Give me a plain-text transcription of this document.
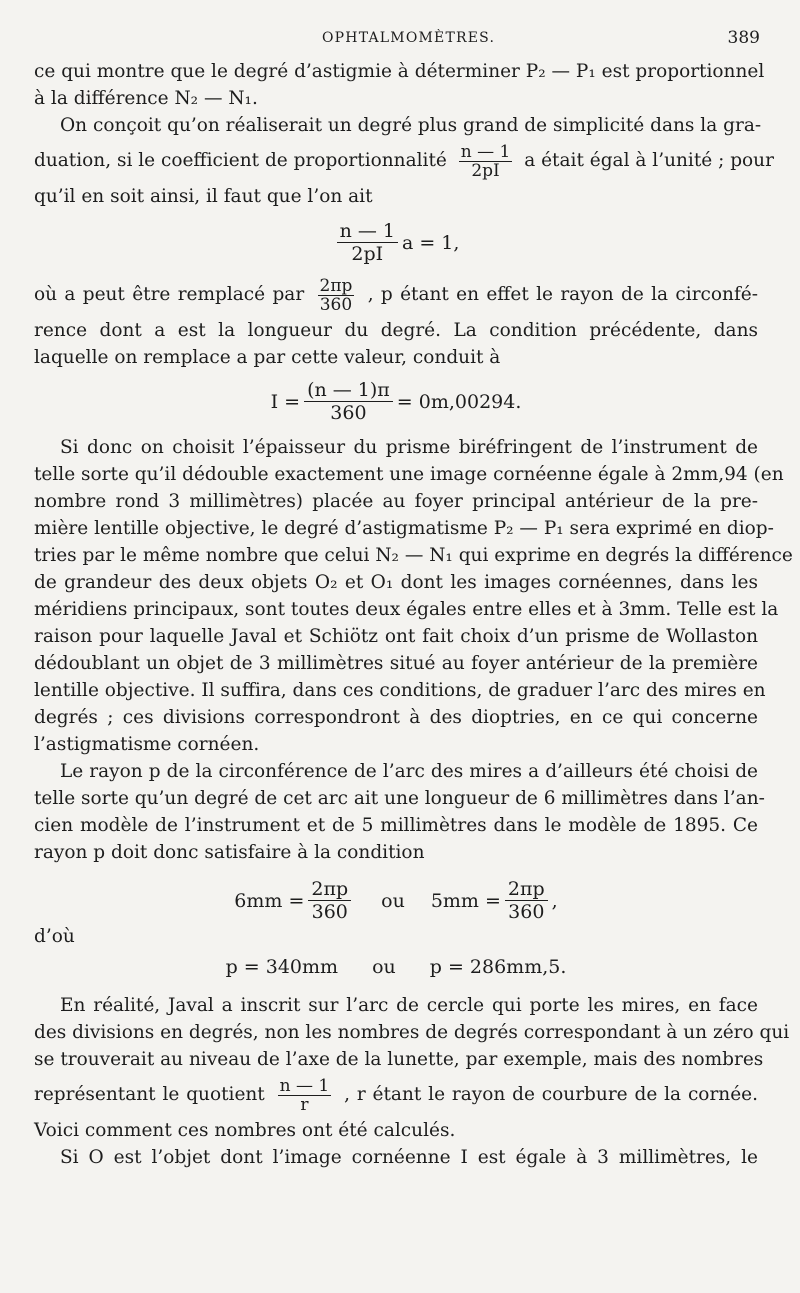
OPHTALMOMÈTRES.	389
ce qui montre que le degré d’astigmie à déterminer P₂ — P₁ est proportionnel
à la différence N₂ — N₁.
On conçoit qu’on réaliserait un degré plus grand de simplicité dans la gra-
duation, si le coefficient de proportionnalité $\frac{n — 1}{2pI}$ a était égal à l’unité ; pour
qu’il en soit ainsi, il faut que l’on ait
$\frac{n — 1}{2pI}$ a = 1,
où a peut être remplacé par $\frac{2\pi p}{360}$ , p étant en effet le rayon de la circonfé-
rence dont a est la longueur du degré. La condition précédente, dans
laquelle on remplace a par cette valeur, conduit à
$I = \frac{(n — 1)\pi}{360} = 0m,00294$.
Si donc on choisit l’épaisseur du prisme biréfringent de l’instrument de
telle sorte qu’il dédouble exactement une image cornéenne égale à 2mm,94 (en
nombre rond 3 millimètres) placée au foyer principal antérieur de la pre-
mière lentille objective, le degré d’astigmatisme P₂ — P₁ sera exprimé en diop-
tries par le même nombre que celui N₂ — N₁ qui exprime en degrés la différence
de grandeur des deux objets O₂ et O₁ dont les images cornéennes, dans les
méridiens principaux, sont toutes deux égales entre elles et à 3mm. Telle est la
raison pour laquelle Javal et Schiötz ont fait choix d’un prisme de Wollaston
dédoublant un objet de 3 millimètres situé au foyer antérieur de la première
lentille objective. Il suffira, dans ces conditions, de graduer l’arc des mires en
degrés ; ces divisions correspondront à des dioptries, en ce qui concerne
l’astigmatisme cornéen.
Le rayon p de la circonférence de l’arc des mires a d’ailleurs été choisi de
telle sorte qu’un degré de cet arc ait une longueur de 6 millimètres dans l’an-
cien modèle de l’instrument et de 5 millimètres dans le modèle de 1895. Ce
rayon p doit donc satisfaire à la condition
$6mm = \frac{2\pi p}{360}$ ou $5mm = \frac{2\pi p}{360}$ ,
d’où
p = 340mm ou p = 286mm,5.
En réalité, Javal a inscrit sur l’arc de cercle qui porte les mires, en face
des divisions en degrés, non les nombres de degrés correspondant à un zéro qui
se trouverait au niveau de l’axe de la lunette, par exemple, mais des nombres
représentant le quotient $\frac{n — 1}{r}$ , r étant le rayon de courbure de la cornée.
Voici comment ces nombres ont été calculés.
Si O est l’objet dont l’image cornéenne I est égale à 3 millimètres, le
